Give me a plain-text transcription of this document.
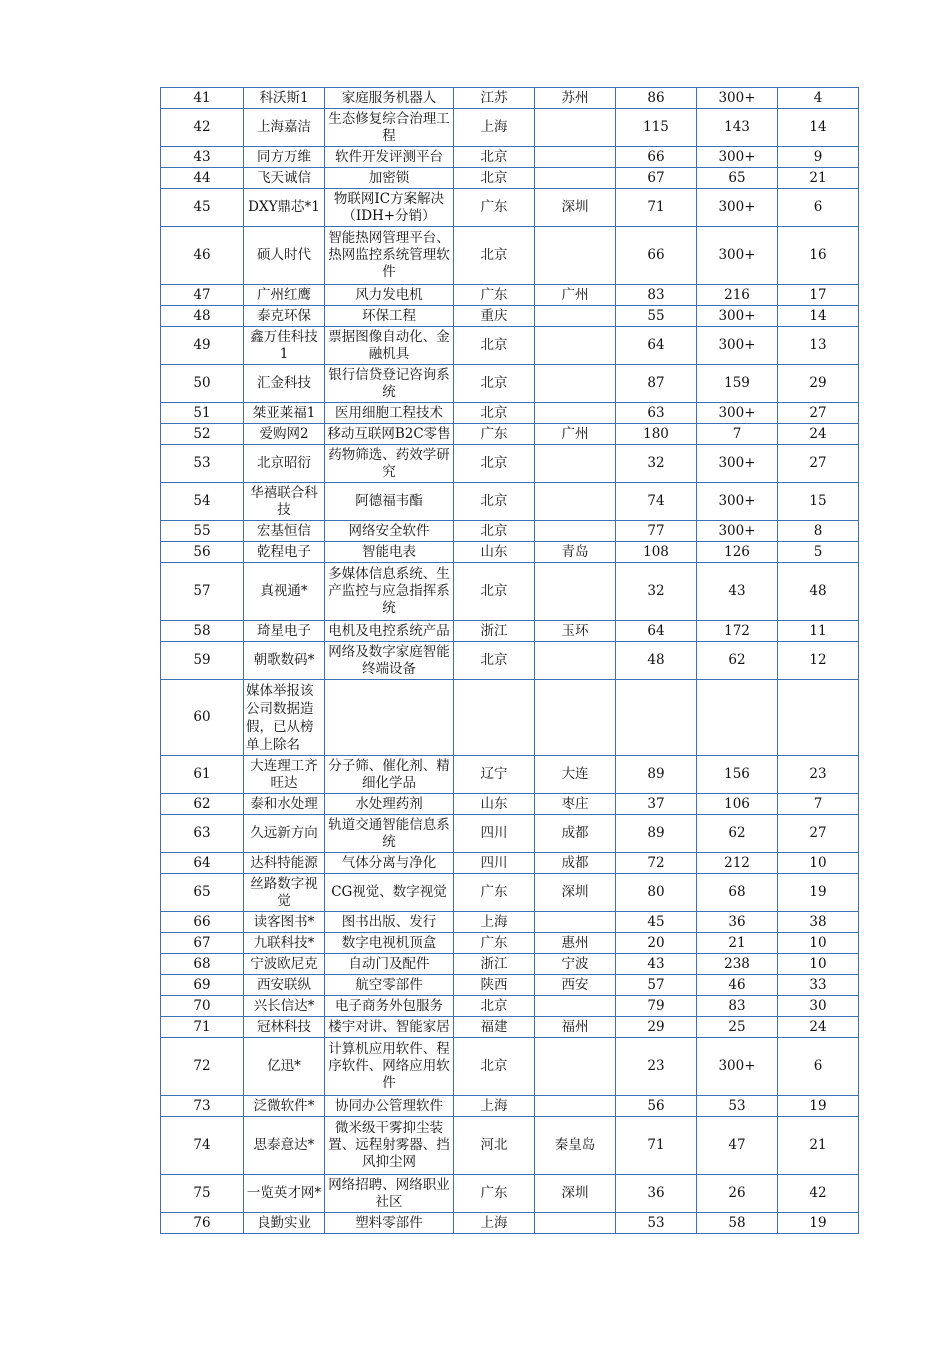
41	科沃斯1	家庭服务机器人	江苏	苏州	86	300+	4
42	上海嘉洁	生态修复综合治理工程	上海		115	143	14
43	同方万维	软件开发评测平台	北京		66	300+	9
44	飞天诚信	加密锁	北京		67	65	21
45	DXY鼎芯*1	物联网IC方案解决（IDH+分销）	广东	深圳	71	300+	6
46	硕人时代	智能热网管理平台、热网监控系统管理软件	北京		66	300+	16
47	广州红鹰	风力发电机	广东	广州	83	216	17
48	泰克环保	环保工程	重庆		55	300+	14
49	鑫万佳科技1	票据图像自动化、金融机具	北京		64	300+	13
50	汇金科技	银行信贷登记咨询系统	北京		87	159	29
51	桀亚莱福1	医用细胞工程技术	北京		63	300+	27
52	爱购网2	移动互联网B2C零售	广东	广州	180	7	24
53	北京昭衍	药物筛选、药效学研究	北京		32	300+	27
54	华禧联合科技	阿德福韦酯	北京		74	300+	15
55	宏基恒信	网络安全软件	北京		77	300+	8
56	乾程电子	智能电表	山东	青岛	108	126	5
57	真视通*	多媒体信息系统、生产监控与应急指挥系统	北京		32	43	48
58	琦星电子	电机及电控系统产品	浙江	玉环	64	172	11
59	朝歌数码*	网络及数字家庭智能终端设备	北京		48	62	12
60	媒体举报该公司数据造假，已从榜单上除名						
61	大连理工齐旺达	分子筛、催化剂、精细化学品	辽宁	大连	89	156	23
62	泰和水处理	水处理药剂	山东	枣庄	37	106	7
63	久远新方向	轨道交通智能信息系统	四川	成都	89	62	27
64	达科特能源	气体分离与净化	四川	成都	72	212	10
65	丝路数字视觉	CG视觉、数字视觉	广东	深圳	80	68	19
66	读客图书*	图书出版、发行	上海		45	36	38
67	九联科技*	数字电视机顶盒	广东	惠州	20	21	10
68	宁波欧尼克	自动门及配件	浙江	宁波	43	238	10
69	西安联纵	航空零部件	陕西	西安	57	46	33
70	兴长信达*	电子商务外包服务	北京		79	83	30
71	冠林科技	楼宇对讲、智能家居	福建	福州	29	25	24
72	亿迅*	计算机应用软件、程序软件、网络应用软件	北京		23	300+	6
73	泛微软件*	协同办公管理软件	上海		56	53	19
74	思泰意达*	微米级干雾抑尘装置、远程射雾器、挡风抑尘网	河北	秦皇岛	71	47	21
75	一览英才网*	网络招聘、网络职业社区	广东	深圳	36	26	42
76	良勤实业	塑料零部件	上海		53	58	19
